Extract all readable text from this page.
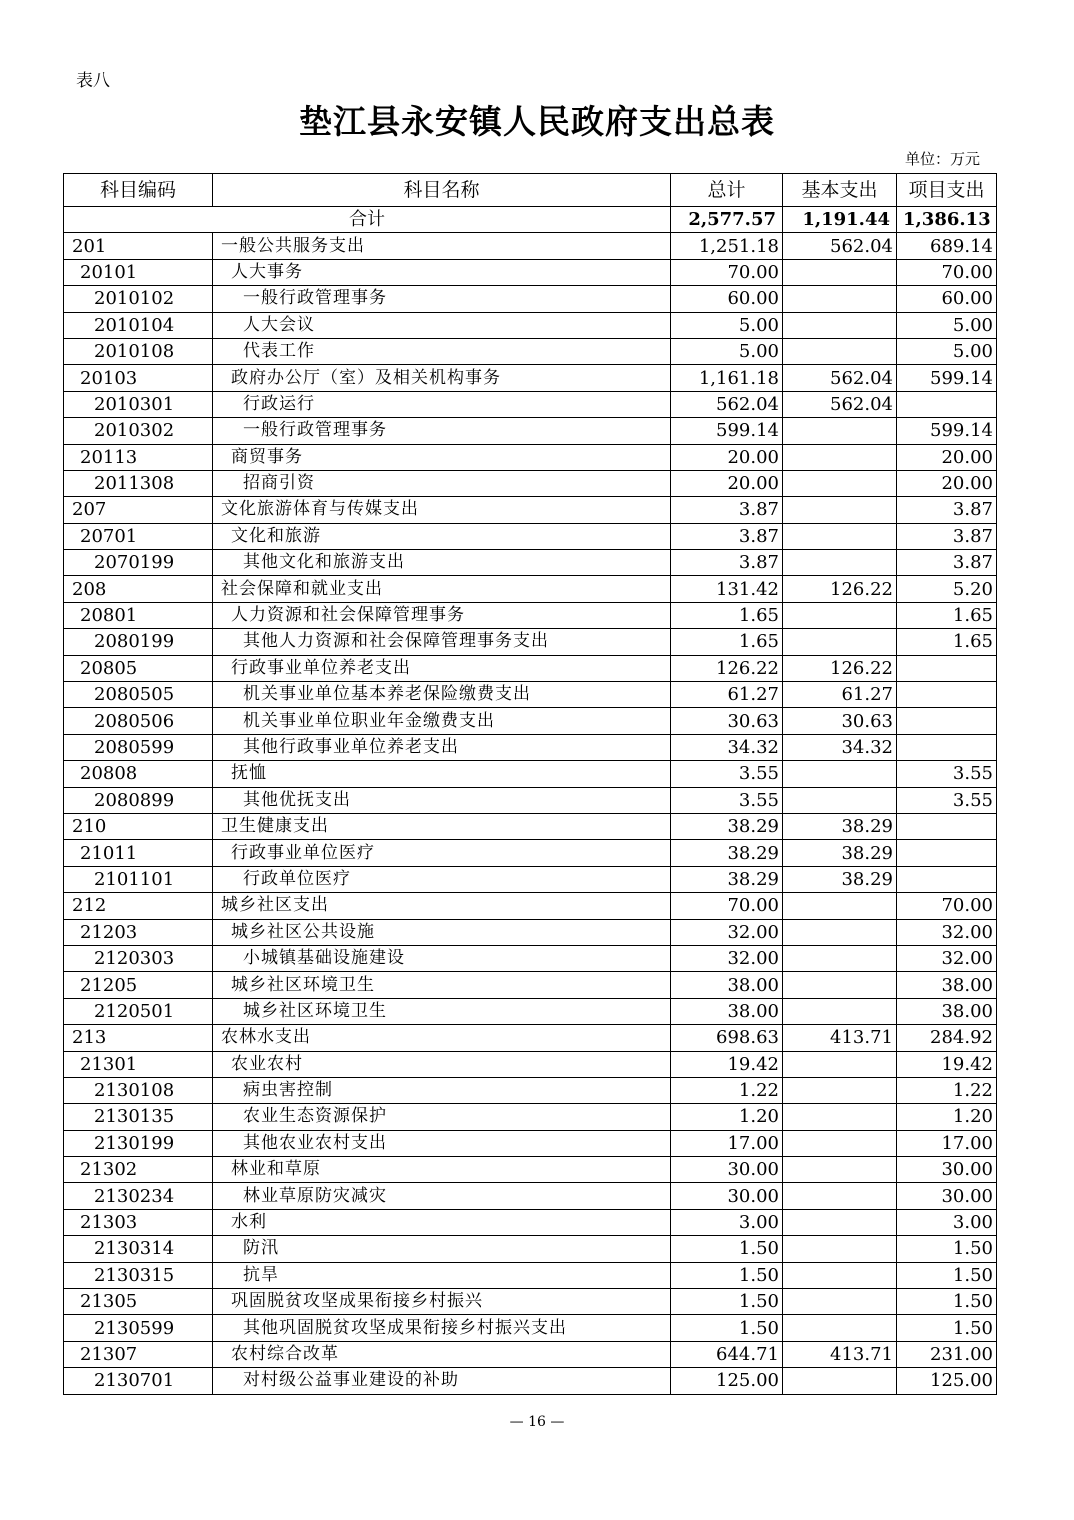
表八
垫江县永安镇人民政府支出总表
单位：万元
科目编码	科目名称	总计	基本支出	项目支出
合计		2,577.57	1,191.44	1,386.13
201	一般公共服务支出	1,251.18	562.04	689.14
20101	人大事务	70.00		70.00
2010102	一般行政管理事务	60.00		60.00
2010104	人大会议	5.00		5.00
2010108	代表工作	5.00		5.00
20103	政府办公厅（室）及相关机构事务	1,161.18	562.04	599.14
2010301	行政运行	562.04	562.04	
2010302	一般行政管理事务	599.14		599.14
20113	商贸事务	20.00		20.00
2011308	招商引资	20.00		20.00
207	文化旅游体育与传媒支出	3.87		3.87
20701	文化和旅游	3.87		3.87
2070199	其他文化和旅游支出	3.87		3.87
208	社会保障和就业支出	131.42	126.22	5.20
20801	人力资源和社会保障管理事务	1.65		1.65
2080199	其他人力资源和社会保障管理事务支出	1.65		1.65
20805	行政事业单位养老支出	126.22	126.22	
2080505	机关事业单位基本养老保险缴费支出	61.27	61.27	
2080506	机关事业单位职业年金缴费支出	30.63	30.63	
2080599	其他行政事业单位养老支出	34.32	34.32	
20808	抚恤	3.55		3.55
2080899	其他优抚支出	3.55		3.55
210	卫生健康支出	38.29	38.29	
21011	行政事业单位医疗	38.29	38.29	
2101101	行政单位医疗	38.29	38.29	
212	城乡社区支出	70.00		70.00
21203	城乡社区公共设施	32.00		32.00
2120303	小城镇基础设施建设	32.00		32.00
21205	城乡社区环境卫生	38.00		38.00
2120501	城乡社区环境卫生	38.00		38.00
213	农林水支出	698.63	413.71	284.92
21301	农业农村	19.42		19.42
2130108	病虫害控制	1.22		1.22
2130135	农业生态资源保护	1.20		1.20
2130199	其他农业农村支出	17.00		17.00
21302	林业和草原	30.00		30.00
2130234	林业草原防灾减灾	30.00		30.00
21303	水利	3.00		3.00
2130314	防汛	1.50		1.50
2130315	抗旱	1.50		1.50
21305	巩固脱贫攻坚成果衔接乡村振兴	1.50		1.50
2130599	其他巩固脱贫攻坚成果衔接乡村振兴支出	1.50		1.50
21307	农村综合改革	644.71	413.71	231.00
2130701	对村级公益事业建设的补助	125.00		125.00
— 16 —
